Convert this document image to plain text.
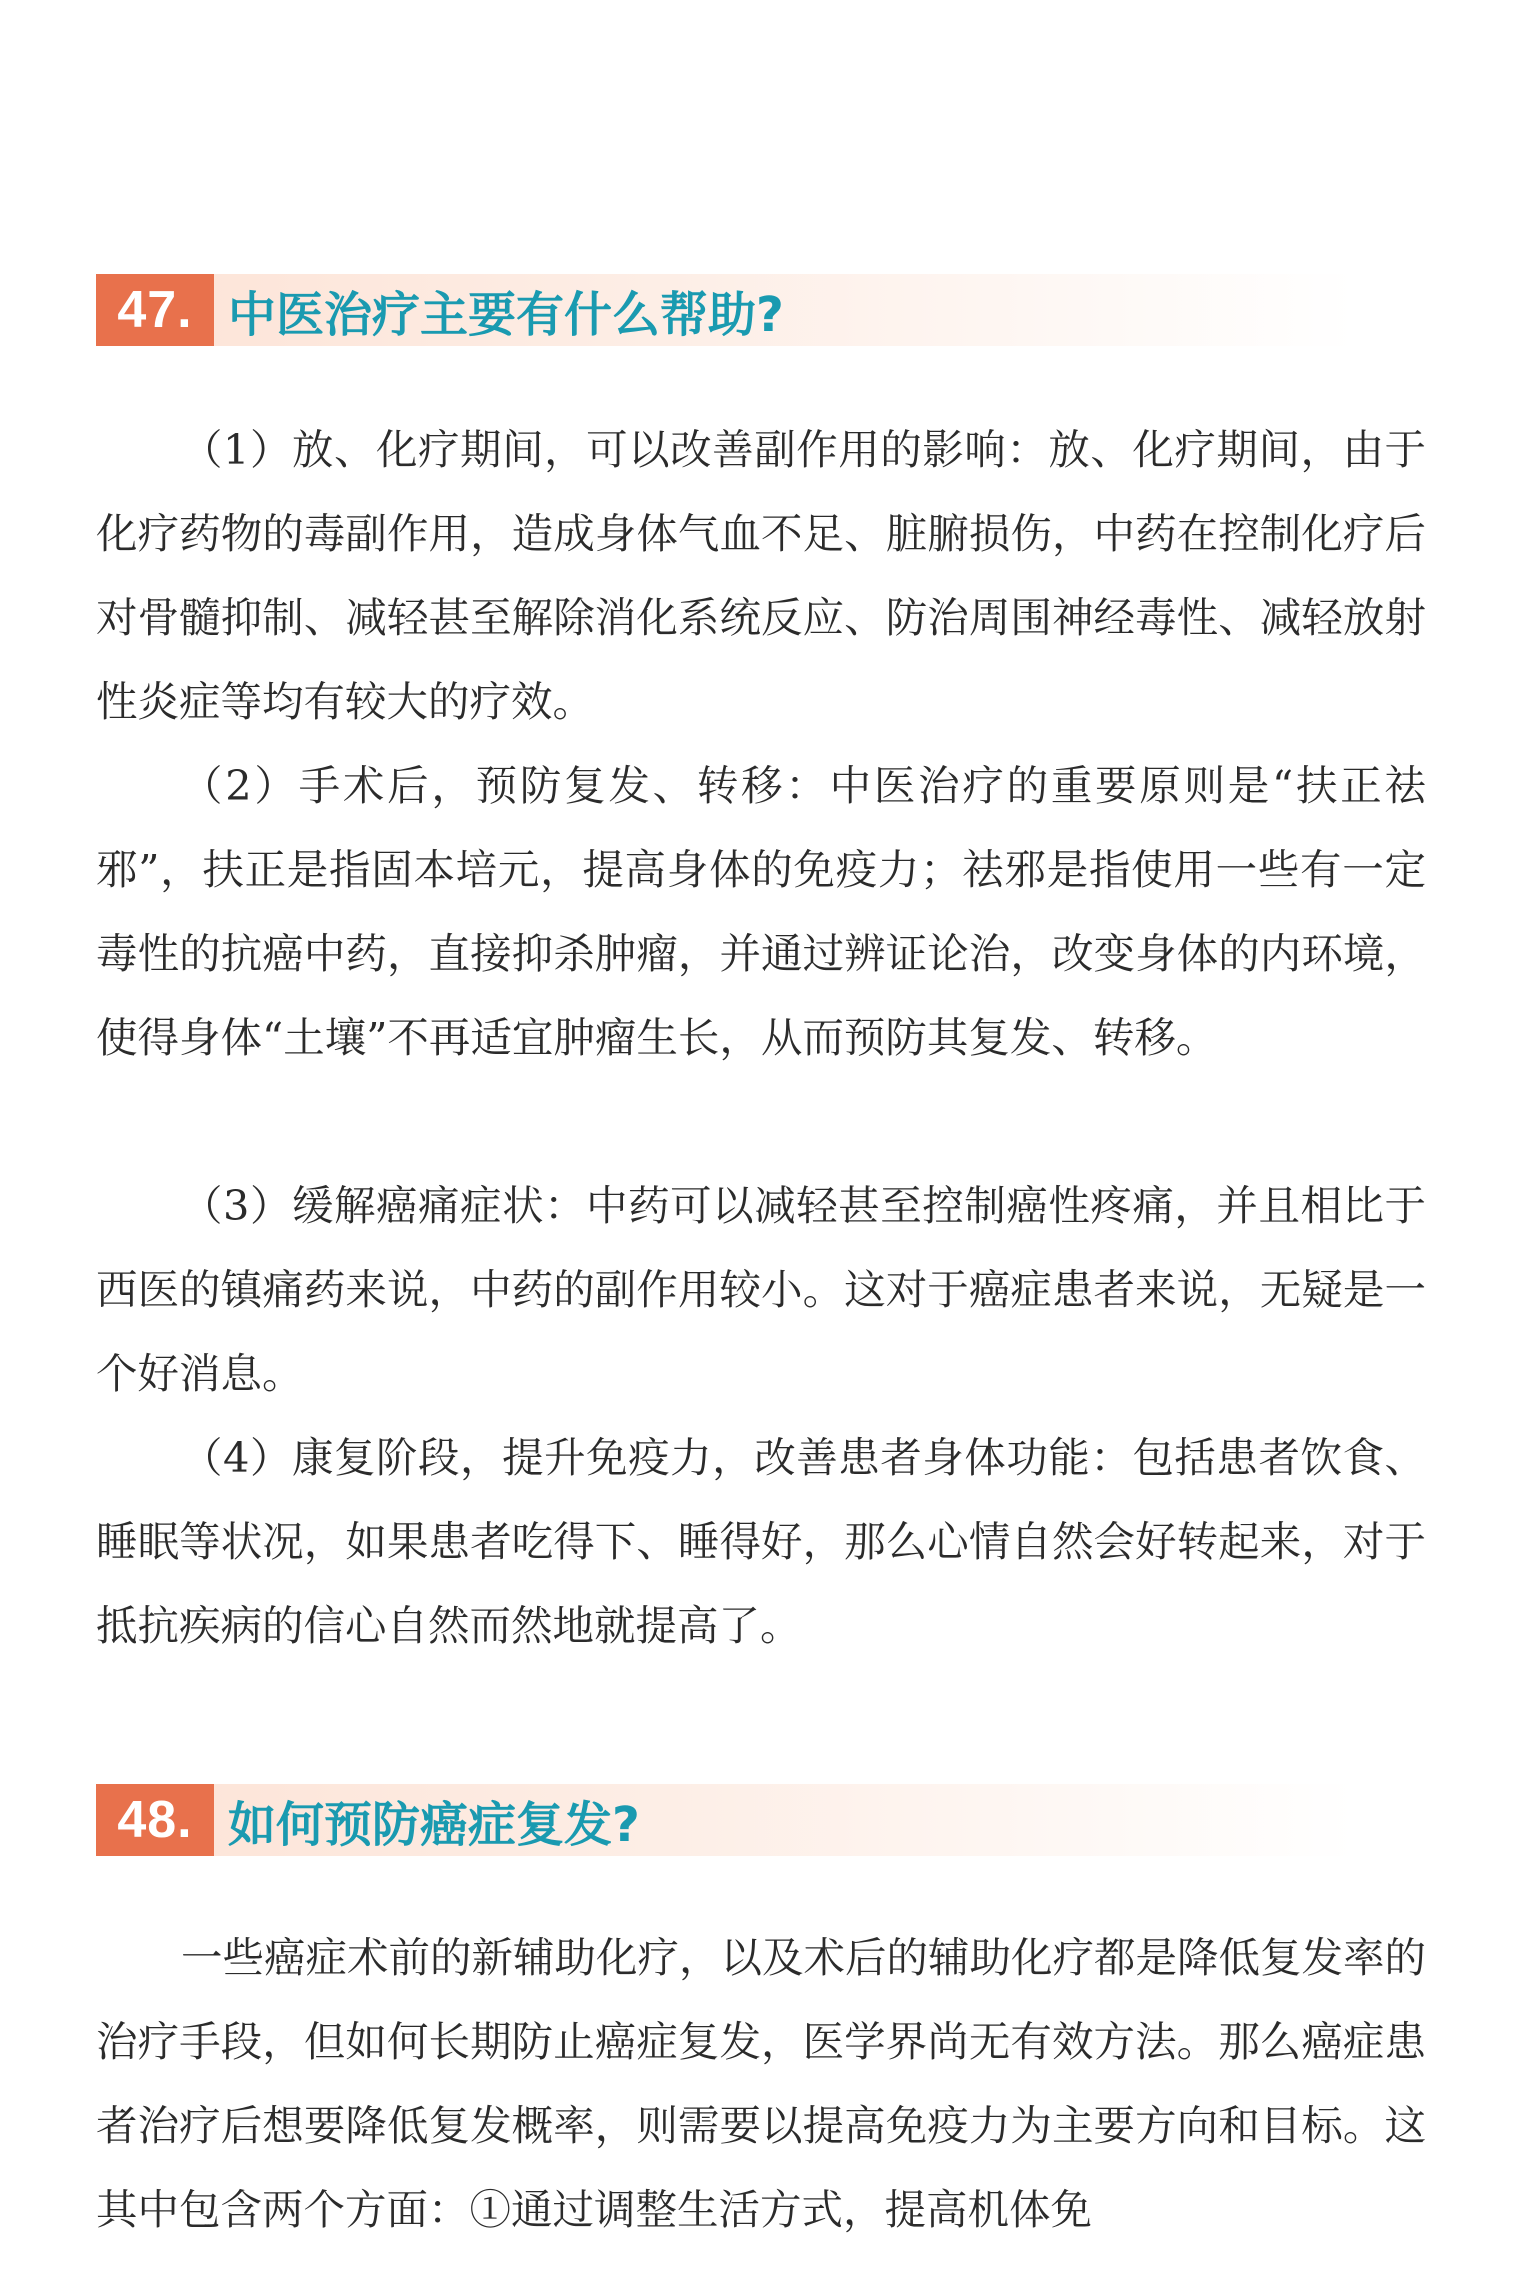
47. 中医治疗主要有什么帮助?

（1）放、化疗期间，可以改善副作用的影响：放、化疗期间，由于化疗药物的毒副作用，造成身体气血不足、脏腑损伤，中药在控制化疗后对骨髓抑制、减轻甚至解除消化系统反应、防治周围神经毒性、减轻放射性炎症等均有较大的疗效。

（2）手术后，预防复发、转移：中医治疗的重要原则是“扶正祛邪”，扶正是指固本培元，提高身体的免疫力；祛邪是指使用一些有一定毒性的抗癌中药，直接抑杀肿瘤，并通过辨证论治，改变身体的内环境，使得身体“土壤”不再适宜肿瘤生长，从而预防其复发、转移。

（3）缓解癌痛症状：中药可以减轻甚至控制癌性疼痛，并且相比于西医的镇痛药来说，中药的副作用较小。这对于癌症患者来说，无疑是一个好消息。

（4）康复阶段，提升免疫力，改善患者身体功能：包括患者饮食、睡眠等状况，如果患者吃得下、睡得好，那么心情自然会好转起来，对于抵抗疾病的信心自然而然地就提高了。

48. 如何预防癌症复发?

一些癌症术前的新辅助化疗，以及术后的辅助化疗都是降低复发率的治疗手段，但如何长期防止癌症复发，医学界尚无有效方法。那么癌症患者治疗后想要降低复发概率，则需要以提高免疫力为主要方向和目标。这其中包含两个方面：①通过调整生活方式，提高机体免
